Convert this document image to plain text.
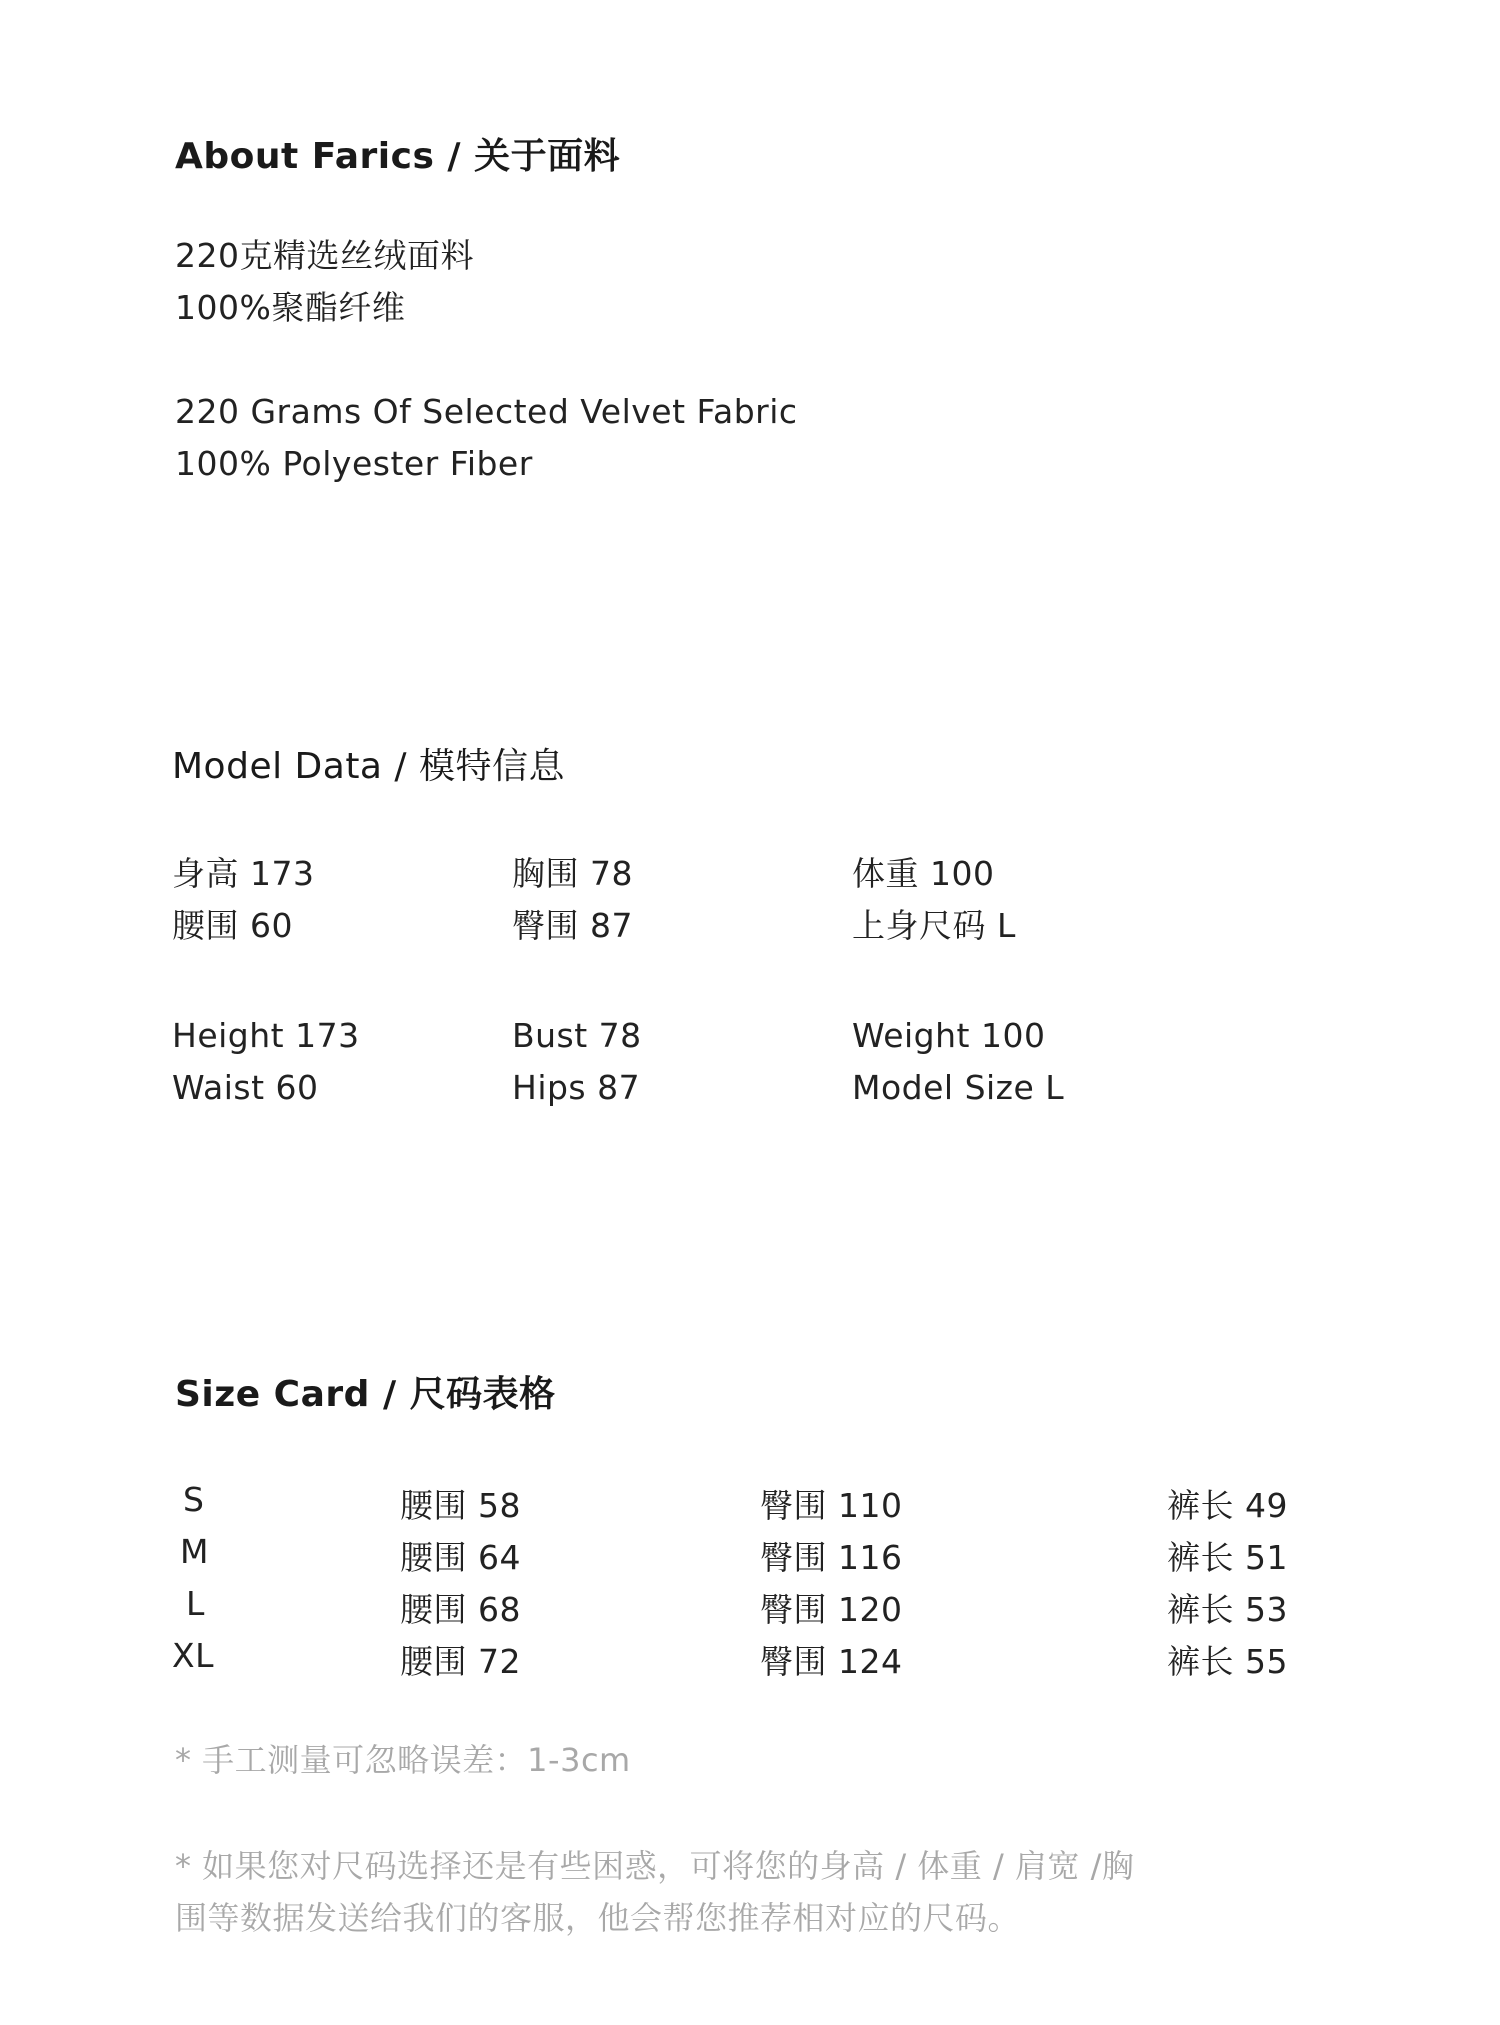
About Farics / 关于面料
220克精选丝绒面料
100%聚酯纤维
220 Grams Of Selected Velvet Fabric
100% Polyester Fiber
Model Data / 模特信息
身高 173	胸围 78	体重 100
腰围 60	臀围 87	上身尺码 L
Height 173	Bust 78	Weight 100
Waist 60	Hips 87	Model Size L
Size Card / 尺码表格
S	腰围 58	臀围 110	裤长 49
M	腰围 64	臀围 116	裤长 51
L	腰围 68	臀围 120	裤长 53
XL	腰围 72	臀围 124	裤长 55
* 手工测量可忽略误差：1-3cm
* 如果您对尺码选择还是有些困惑，可将您的身高 / 体重 / 肩宽 /胸
围等数据发送给我们的客服，他会帮您推荐相对应的尺码。
